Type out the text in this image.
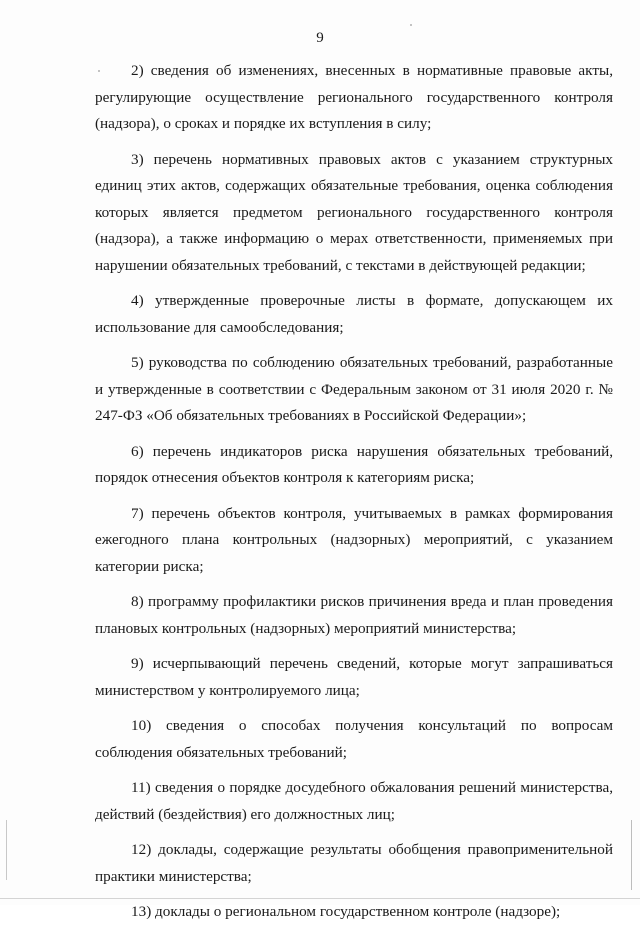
9

2) сведения об изменениях, внесенных в нормативные правовые акты, регулирующие осуществление регионального государственного контроля (надзора), о сроках и порядке их вступления в силу;

3) перечень нормативных правовых актов с указанием структурных единиц этих актов, содержащих обязательные требования, оценка соблюдения которых является предметом регионального государственного контроля (надзора), а также информацию о мерах ответственности, применяемых при нарушении обязательных требований, с текстами в действующей редакции;

4) утвержденные проверочные листы в формате, допускающем их использование для самообследования;

5) руководства по соблюдению обязательных требований, разработанные и утвержденные в соответствии с Федеральным законом от 31 июля 2020 г. № 247-ФЗ «Об обязательных требованиях в Российской Федерации»;

6) перечень индикаторов риска нарушения обязательных требований, порядок отнесения объектов контроля к категориям риска;

7) перечень объектов контроля, учитываемых в рамках формирования ежегодного плана контрольных (надзорных) мероприятий, с указанием категории риска;

8) программу профилактики рисков причинения вреда и план проведения плановых контрольных (надзорных) мероприятий министерства;

9) исчерпывающий перечень сведений, которые могут запрашиваться министерством у контролируемого лица;

10) сведения о способах получения консультаций по вопросам соблюдения обязательных требований;

11) сведения о порядке досудебного обжалования решений министерства, действий (бездействия) его должностных лиц;

12) доклады, содержащие результаты обобщения правоприменительной практики министерства;

13) доклады о региональном государственном контроле (надзоре);
